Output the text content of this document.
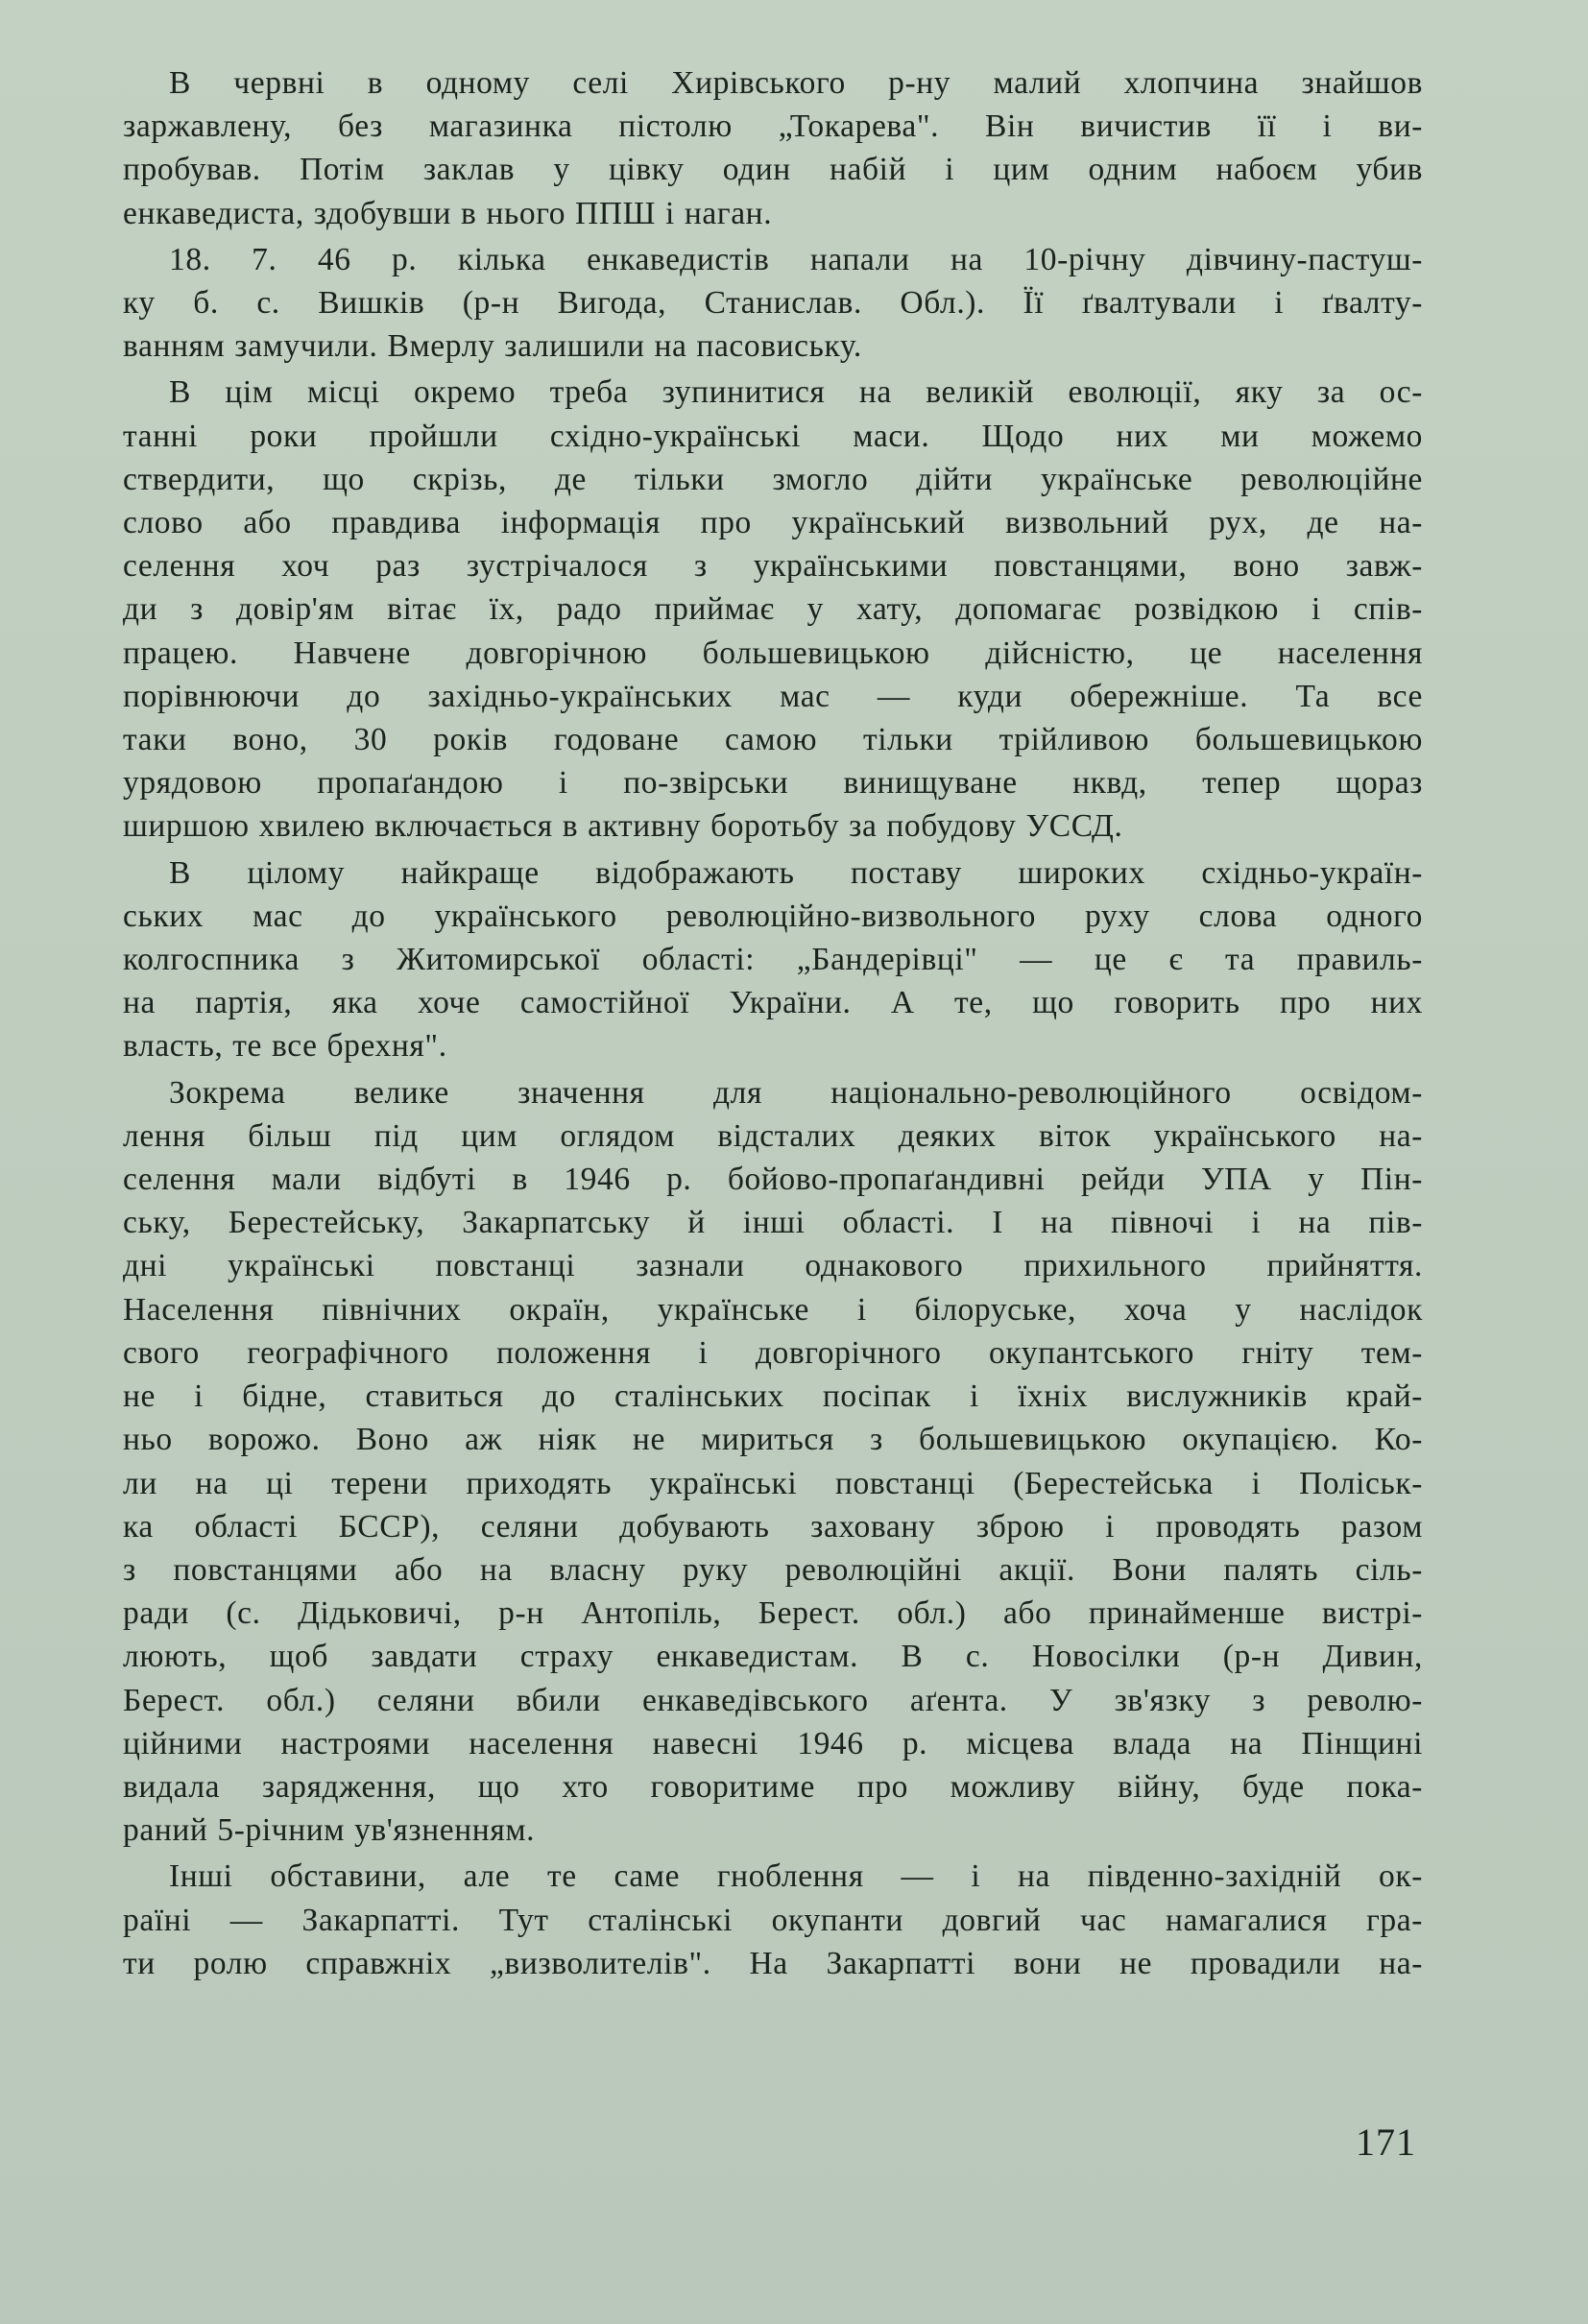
В червні в одному селі Хирівського р-ну малий хлопчина знайшов
заржавлену, без магазинка пістолю „Токарева". Він вичистив її і ви-
пробував. Потім заклав у цівку один набій і цим одним набоєм убив
енкаведиста, здобувши в нього ППШ і наган.

18. 7. 46 р. кілька енкаведистів напали на 10-річну дівчину-пастуш-
ку б. с. Вишків (р-н Вигода, Станислав. Обл.). Її ґвалтували і ґвалту-
ванням замучили. Вмерлу залишили на пасовиську.

В цім місці окремо треба зупинитися на великій еволюції, яку за ос-
танні роки пройшли східно-українські маси. Щодо них ми можемо
ствердити, що скрізь, де тільки змогло дійти українське революційне
слово або правдива інформація про український визвольний рух, де на-
селення хоч раз зустрічалося з українськими повстанцями, воно завж-
ди з довір'ям вітає їх, радо приймає у хату, допомагає розвідкою і спів-
працею. Навчене довгорічною большевицькою дійсністю, це населення
порівнюючи до західньо-українських мас — куди обережніше. Та все
таки воно, 30 років годоване самою тільки трійливою большевицькою
урядовою пропаґандою і по-звірськи винищуване нквд, тепер щораз
ширшою хвилею включається в активну боротьбу за побудову УССД.

В цілому найкраще відображають поставу широких східньо-україн-
ських мас до українського революційно-визвольного руху слова одного
колгоспника з Житомирської області: „Бандерівці" — це є та правиль-
на партія, яка хоче самостійної України. А те, що говорить про них
власть, те все брехня".

Зокрема велике значення для національно-революційного освідом-
лення більш під цим оглядом відсталих деяких віток українського на-
селення мали відбуті в 1946 р. бойово-пропаґандивні рейди УПА у Пін-
ську, Берестейську, Закарпатську й інші області. І на півночі і на пів-
дні українські повстанці зазнали однакового прихильного прийняття.
Населення північних окраїн, українське і білоруське, хоча у наслідок
свого географічного положення і довгорічного окупантського гніту тем-
не і бідне, ставиться до сталінських посіпак і їхніх вислужників край-
ньо ворожо. Воно аж ніяк не мириться з большевицькою окупацією. Ко-
ли на ці терени приходять українські повстанці (Берестейська і Поліськ-
ка області БССР), селяни добувають заховану зброю і проводять разом
з повстанцями або на власну руку революційні акції. Вони палять сіль-
ради (с. Дідьковичі, р-н Антопіль, Берест. обл.) або принайменше вистрі-
люють, щоб завдати страху енкаведистам. В с. Новосілки (р-н Дивин,
Берест. обл.) селяни вбили енкаведівського аґента. У зв'язку з револю-
ційними настроями населення навесні 1946 р. місцева влада на Пінщині
видала зарядження, що хто говоритиме про можливу війну, буде пока-
раний 5-річним ув'язненням.

Інші обставини, але те саме гноблення — і на південно-західній ок-
раїні — Закарпатті. Тут сталінські окупанти довгий час намагалися гра-
ти ролю справжніх „визволителів". На Закарпатті вони не провадили на-

171
